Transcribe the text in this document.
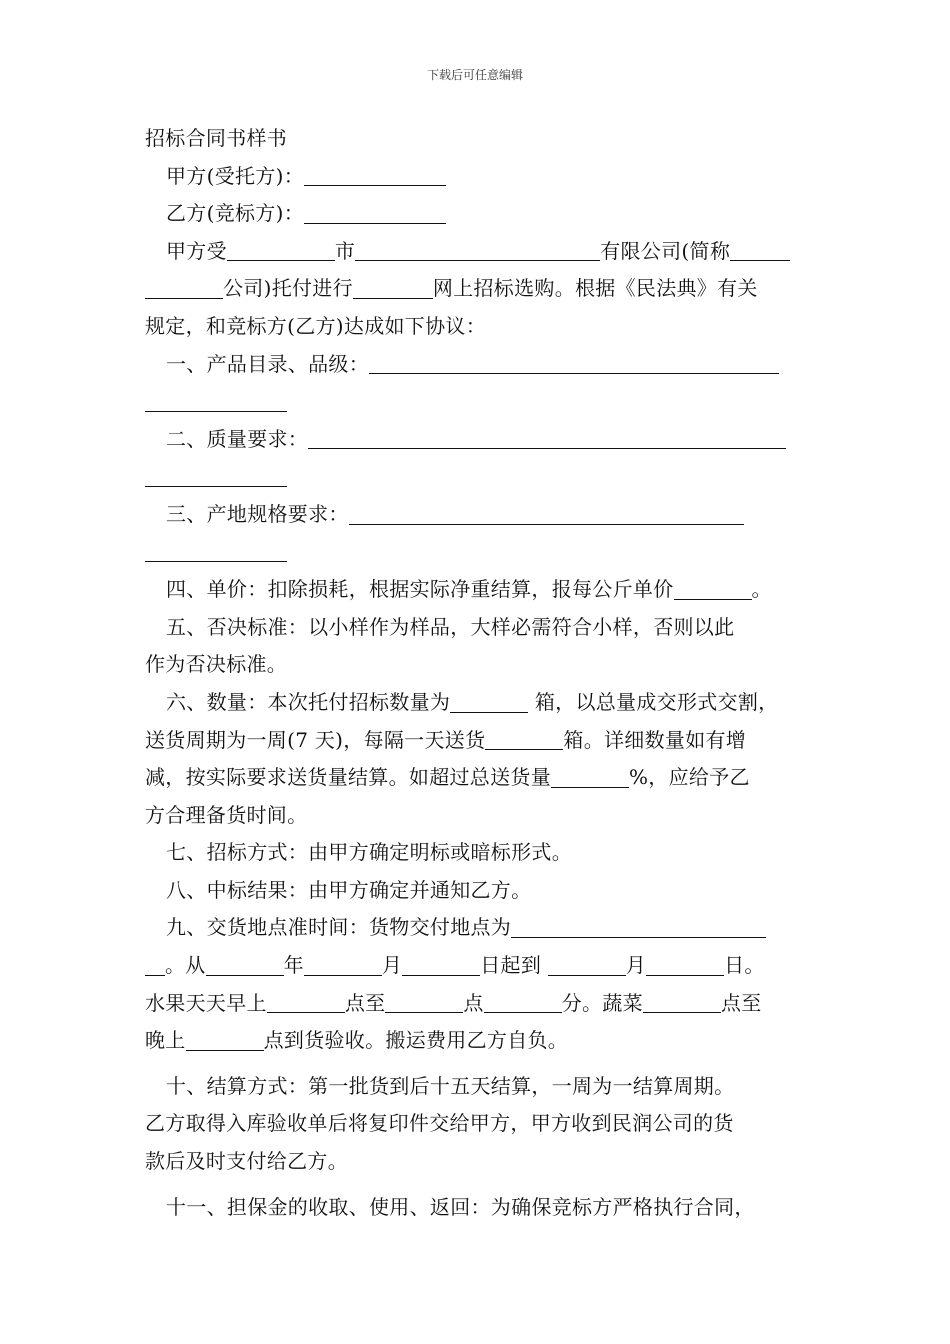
下载后可任意编辑

招标合同书样书

甲方(受托方)：

乙方(竞标方)：

甲方受	市	有限公司(简称

公司)托付进行	网上招标选购。根据《民法典》有关

规定，和竞标方(乙方)达成如下协议：

一、产品目录、品级：

二、质量要求：

三、产地规格要求：

四、单价：扣除损耗，根据实际净重结算，报每公斤单价	。

五、否决标准：以小样作为样品，大样必需符合小样，否则以此

作为否决标准。

六、数量：本次托付招标数量为	箱，以总量成交形式交割，

送货周期为一周(7 天)，每隔一天送货	箱。详细数量如有增

减，按实际要求送货量结算。如超过总送货量	%，应给予乙

方合理备货时间。

七、招标方式：由甲方确定明标或暗标形式。

八、中标结果：由甲方确定并通知乙方。

九、交货地点准时间：货物交付地点为

。从	年	月	日起到	月	日。

水果天天早上	点至	点	分。蔬菜	点至

晚上	点到货验收。搬运费用乙方自负。

十、结算方式：第一批货到后十五天结算，一周为一结算周期。

乙方取得入库验收单后将复印件交给甲方，甲方收到民润公司的货

款后及时支付给乙方。

十一、担保金的收取、使用、返回：为确保竞标方严格执行合同，
